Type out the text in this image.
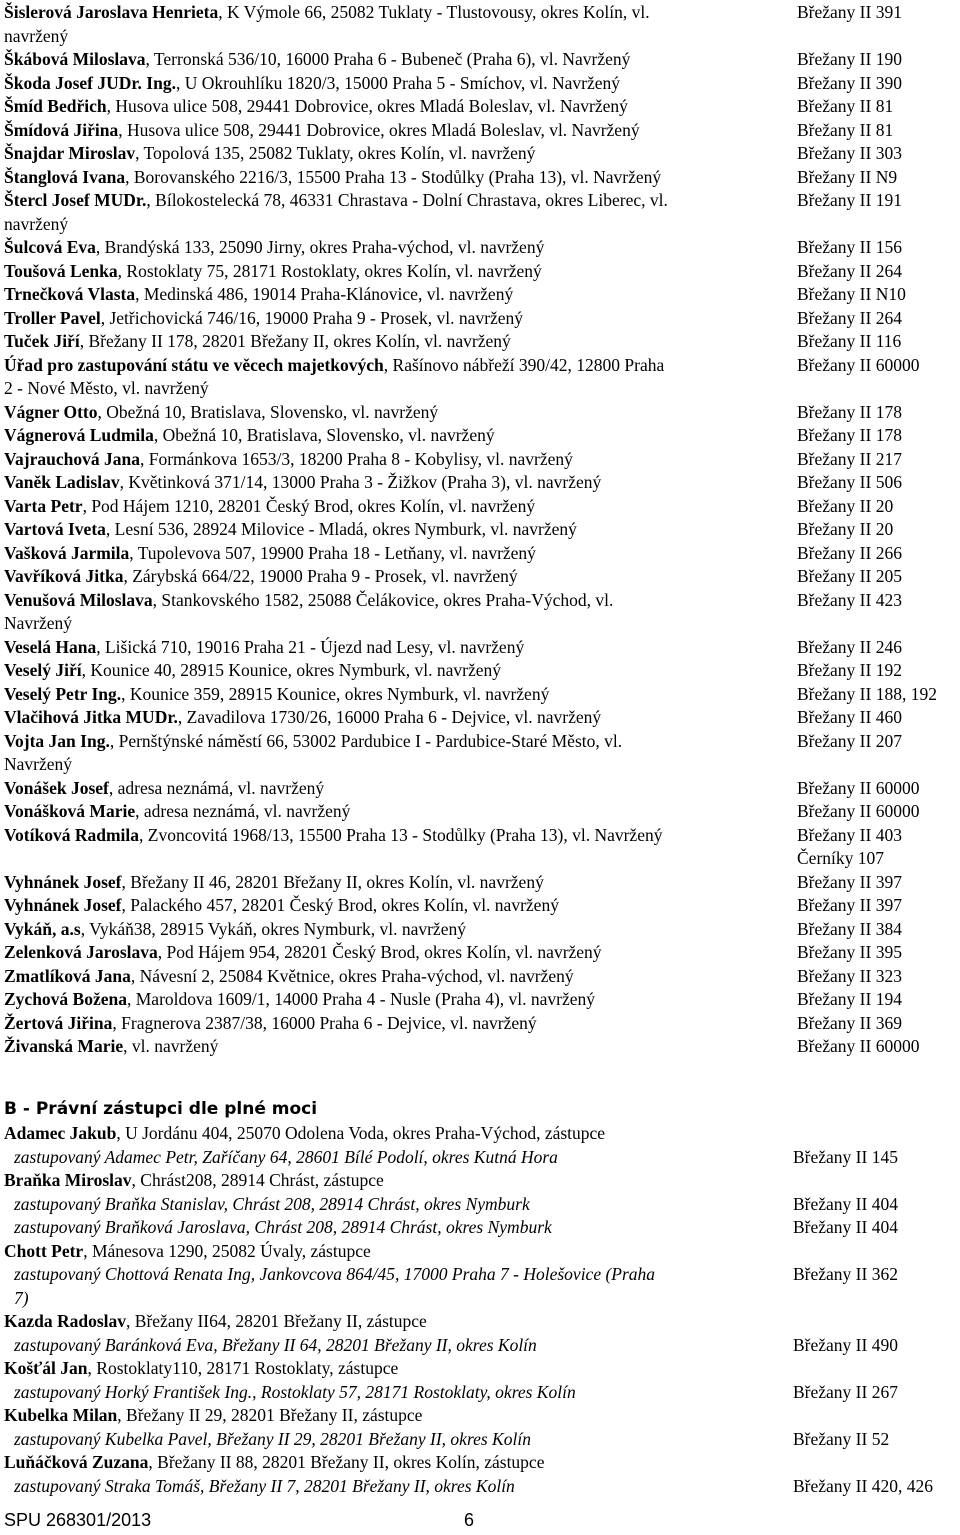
Šislerová Jaroslava Henrieta, K Výmole 66, 25082 Tuklaty - Tlustovousy, okres Kolín, vl.	Břežany II 391
navržený
Škábová Miloslava, Terronská 536/10, 16000 Praha 6 - Bubeneč (Praha 6), vl. Navržený	Břežany II 190
Škoda Josef JUDr. Ing., U Okrouhlíku 1820/3, 15000 Praha 5 - Smíchov, vl. Navržený	Břežany II 390
Šmíd Bedřich, Husova ulice 508, 29441 Dobrovice, okres Mladá Boleslav, vl. Navržený	Břežany II 81
Šmídová Jiřina, Husova ulice 508, 29441 Dobrovice, okres Mladá Boleslav, vl. Navržený	Břežany II 81
Šnajdar Miroslav, Topolová 135, 25082 Tuklaty, okres Kolín, vl. navržený	Břežany II 303
Štanglová Ivana, Borovanského 2216/3, 15500 Praha 13 - Stodůlky (Praha 13), vl. Navržený	Břežany II N9
Štercl Josef MUDr., Bílokostelecká 78, 46331 Chrastava - Dolní Chrastava, okres Liberec, vl.	Břežany II 191
navržený
Šulcová Eva, Brandýská 133, 25090 Jirny, okres Praha-východ, vl. navržený	Břežany II 156
Toušová Lenka, Rostoklaty 75, 28171 Rostoklaty, okres Kolín, vl. navržený	Břežany II 264
Trnečková Vlasta, Medinská 486, 19014 Praha-Klánovice, vl. navržený	Břežany II N10
Troller Pavel, Jetřichovická 746/16, 19000 Praha 9 - Prosek, vl. navržený	Břežany II 264
Tuček Jiří, Břežany II 178, 28201 Břežany II, okres Kolín, vl. navržený	Břežany II 116
Úřad pro zastupování státu ve věcech majetkových, Rašínovo nábřeží 390/42, 12800 Praha	Břežany II 60000
2 - Nové Město, vl. navržený
Vágner Otto, Obežná 10, Bratislava, Slovensko, vl. navržený	Břežany II 178
Vágnerová Ludmila, Obežná 10, Bratislava, Slovensko, vl. navržený	Břežany II 178
Vajrauchová Jana, Formánkova 1653/3, 18200 Praha 8 - Kobylisy, vl. navržený	Břežany II 217
Vaněk Ladislav, Květinková 371/14, 13000 Praha 3 - Žižkov (Praha 3), vl. navržený	Břežany II 506
Varta Petr, Pod Hájem 1210, 28201 Český Brod, okres Kolín, vl. navržený	Břežany II 20
Vartová Iveta, Lesní 536, 28924 Milovice - Mladá, okres Nymburk, vl. navržený	Břežany II 20
Vašková Jarmila, Tupolevova 507, 19900 Praha 18 - Letňany, vl. navržený	Břežany II 266
Vavříková Jitka, Zárybská 664/22, 19000 Praha 9 - Prosek, vl. navržený	Břežany II 205
Venušová Miloslava, Stankovského 1582, 25088 Čelákovice, okres Praha-Východ, vl.	Břežany II 423
Navržený
Veselá Hana, Lišická 710, 19016 Praha 21 - Újezd nad Lesy, vl. navržený	Břežany II 246
Veselý Jiří, Kounice 40, 28915 Kounice, okres Nymburk, vl. navržený	Břežany II 192
Veselý Petr Ing., Kounice 359, 28915 Kounice, okres Nymburk, vl. navržený	Břežany II 188, 192
Vlačihová Jitka MUDr., Zavadilova 1730/26, 16000 Praha 6 - Dejvice, vl. navržený	Břežany II 460
Vojta Jan Ing., Pernštýnské náměstí 66, 53002 Pardubice I - Pardubice-Staré Město, vl.	Břežany II 207
Navržený
Vonášek Josef, adresa neznámá, vl. navržený	Břežany II 60000
Vonášková Marie, adresa neznámá, vl. navržený	Břežany II 60000
Votíková Radmila, Zvoncovitá 1968/13, 15500 Praha 13 - Stodůlky (Praha 13), vl. Navržený	Břežany II 403
Černíky 107
Vyhnánek Josef, Břežany II 46, 28201 Břežany II, okres Kolín, vl. navržený	Břežany II 397
Vyhnánek Josef, Palackého 457, 28201 Český Brod, okres Kolín, vl. navržený	Břežany II 397
Vykáň, a.s, Vykáň38, 28915 Vykáň, okres Nymburk, vl. navržený	Břežany II 384
Zelenková Jaroslava, Pod Hájem 954, 28201 Český Brod, okres Kolín, vl. navržený	Břežany II 395
Zmatlíková Jana, Návesní 2, 25084 Květnice, okres Praha-východ, vl. navržený	Břežany II 323
Zychová Božena, Maroldova 1609/1, 14000 Praha 4 - Nusle (Praha 4), vl. navržený	Břežany II 194
Žertová Jiřina, Fragnerova 2387/38, 16000 Praha 6 - Dejvice, vl. navržený	Břežany II 369
Živanská Marie, vl. navržený	Břežany II 60000
B - Právní zástupci dle plné moci
Adamec Jakub, U Jordánu 404, 25070 Odolena Voda, okres Praha-Východ, zástupce
zastupovaný Adamec Petr, Zaříčany 64, 28601 Bílé Podolí, okres Kutná Hora	Břežany II 145
Braňka Miroslav, Chrást208, 28914 Chrást, zástupce
zastupovaný Braňka Stanislav, Chrást 208, 28914 Chrást, okres Nymburk	Břežany II 404
zastupovaný Braňková Jaroslava, Chrást 208, 28914 Chrást, okres Nymburk	Břežany II 404
Chott Petr, Mánesova 1290, 25082 Úvaly, zástupce
zastupovaný Chottová Renata Ing, Jankovcova 864/45, 17000 Praha 7 - Holešovice (Praha	Břežany II 362
7)
Kazda Radoslav, Břežany II64, 28201 Břežany II, zástupce
zastupovaný Baránková Eva, Břežany II 64, 28201 Břežany II, okres Kolín	Břežany II 490
Košťál Jan, Rostoklaty110, 28171 Rostoklaty, zástupce
zastupovaný Horký František Ing., Rostoklaty 57, 28171 Rostoklaty, okres Kolín	Břežany II 267
Kubelka Milan, Břežany II 29, 28201 Břežany II, zástupce
zastupovaný Kubelka Pavel, Břežany II 29, 28201 Břežany II, okres Kolín	Břežany II 52
Luňáčková Zuzana, Břežany II 88, 28201 Břežany II, okres Kolín, zástupce
zastupovaný Straka Tomáš, Břežany II 7, 28201 Břežany II, okres Kolín	Břežany II 420, 426
SPU 268301/2013	6
